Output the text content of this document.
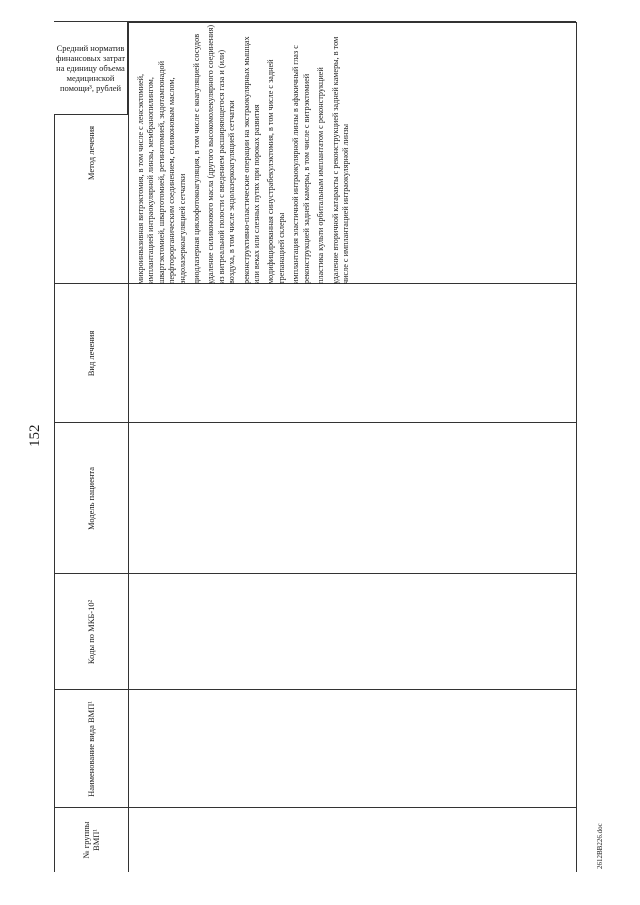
152
2612ВВ226.doc
№ группы ВМП¹
Наименование вида ВМП¹
Коды по МКБ-10²
Модель пациента
Вид лечения
Метод лечения	микроинвазивная витрэктомия, в том числе с ленсэктомией, имплантацией интраокулярной линзы, мембранопилингом, швартэктомией, швартотомией, ретинотомией, эндотампонадой перфторорганическим соединением, силиконовым маслом, эндолазеркоагуляцией сетчатки диодлазерная циклофотокоагуляция, в том числе с коагуляцией сосудов удаление силиконового масла (другого высокомолекулярного соединения) из витреальной полости с введением расширяющегося газа и (или) воздуха, в том числе эндолазеркоагуляцией сетчатки реконструктивно-пластические операции на экстраокулярных мышцах или веках или слезных путях при пороках развития модифицированная синустрабекулэктомия, в том числе с задней трепанацией склеры имплантация эластичной интраокулярной линзы в афакичный глаз с реконструкцией задней камеры, в том числе с витрэктомией пластика культи орбитальным имплантатом с реконструкцией удаление вторичной катаракты с реконструкцией задней камеры, в том числе с имплантацией интраокулярной линзы
Средний норматив финансовых затрат на единицу объема медицинской помощи³, рублей
